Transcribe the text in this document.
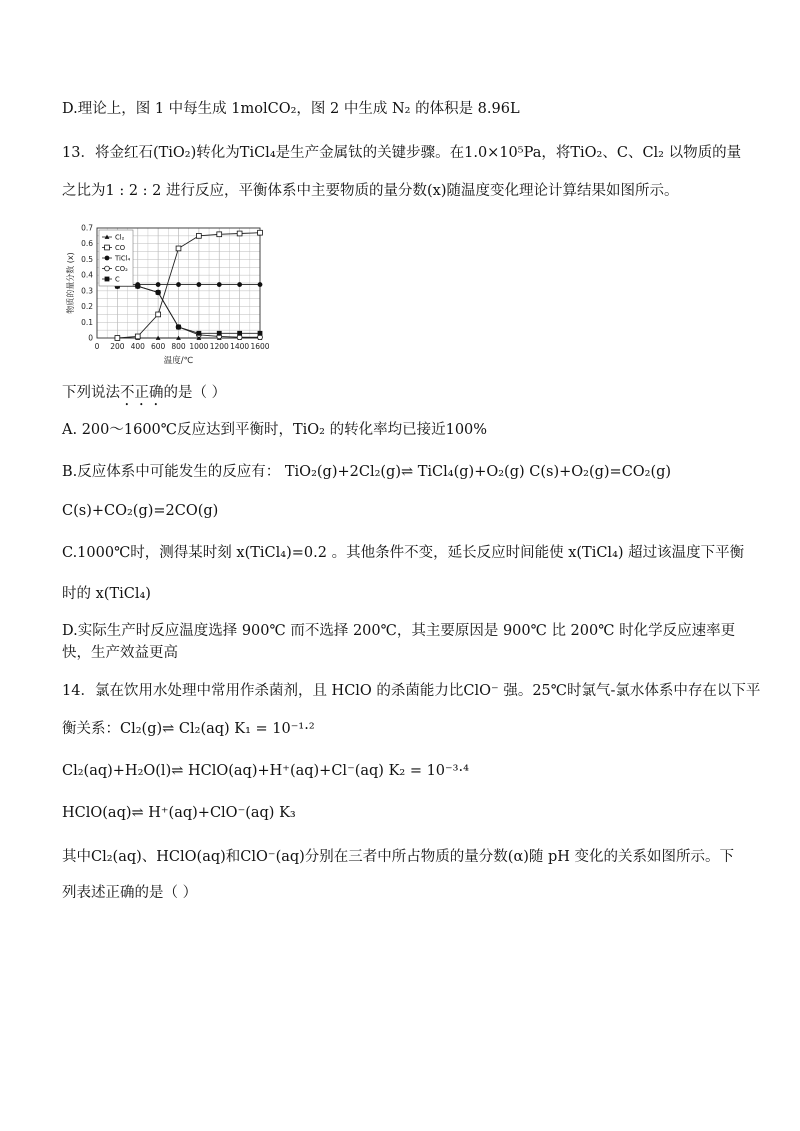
D.理论上，图 1 中每生成 1molCO₂，图 2 中生成 N₂ 的体积是 8.96L
13．将金红石(TiO₂)转化为TiCl₄是生产金属钛的关键步骤。在1.0×10⁵Pa，将TiO₂、C、Cl₂ 以物质的量
之比为1 : 2 : 2 进行反应，平衡体系中主要物质的量分数(x)随温度变化理论计算结果如图所示。
0 200 400 600 800 1000 1200 1400 1600
0
0.1
0.2
0.3
0.4
0.5
0.6
0.7
温度/℃
物质的量分数 (x)
Cl₂
CO
TiCl₄
CO₂
C
下列说法不正确的是（ ）
A. 200～1600℃反应达到平衡时，TiO₂ 的转化率均已接近100%
B.反应体系中可能发生的反应有： TiO₂(g)+2Cl₂(g)⇌ TiCl₄(g)+O₂(g) C(s)+O₂(g)=CO₂(g)
C(s)+CO₂(g)=2CO(g)
C.1000℃时，测得某时刻 x(TiCl₄)=0.2 。其他条件不变，延长反应时间能使 x(TiCl₄) 超过该温度下平衡
时的 x(TiCl₄)
D.实际生产时反应温度选择 900℃ 而不选择 200℃，其主要原因是 900℃ 比 200℃ 时化学反应速率更快，生产效益更高
14．氯在饮用水处理中常用作杀菌剂，且 HClO 的杀菌能力比ClO⁻ 强。25℃时氯气-氯水体系中存在以下平
衡关系：Cl₂(g)⇌ Cl₂(aq) K₁ = 10⁻¹·²
Cl₂(aq)+H₂O(l)⇌ HClO(aq)+H⁺(aq)+Cl⁻(aq) K₂ = 10⁻³·⁴
HClO(aq)⇌ H⁺(aq)+ClO⁻(aq) K₃
其中Cl₂(aq)、HClO(aq)和ClO⁻(aq)分别在三者中所占物质的量分数(α)随 pH 变化的关系如图所示。下
列表述正确的是（ ）
